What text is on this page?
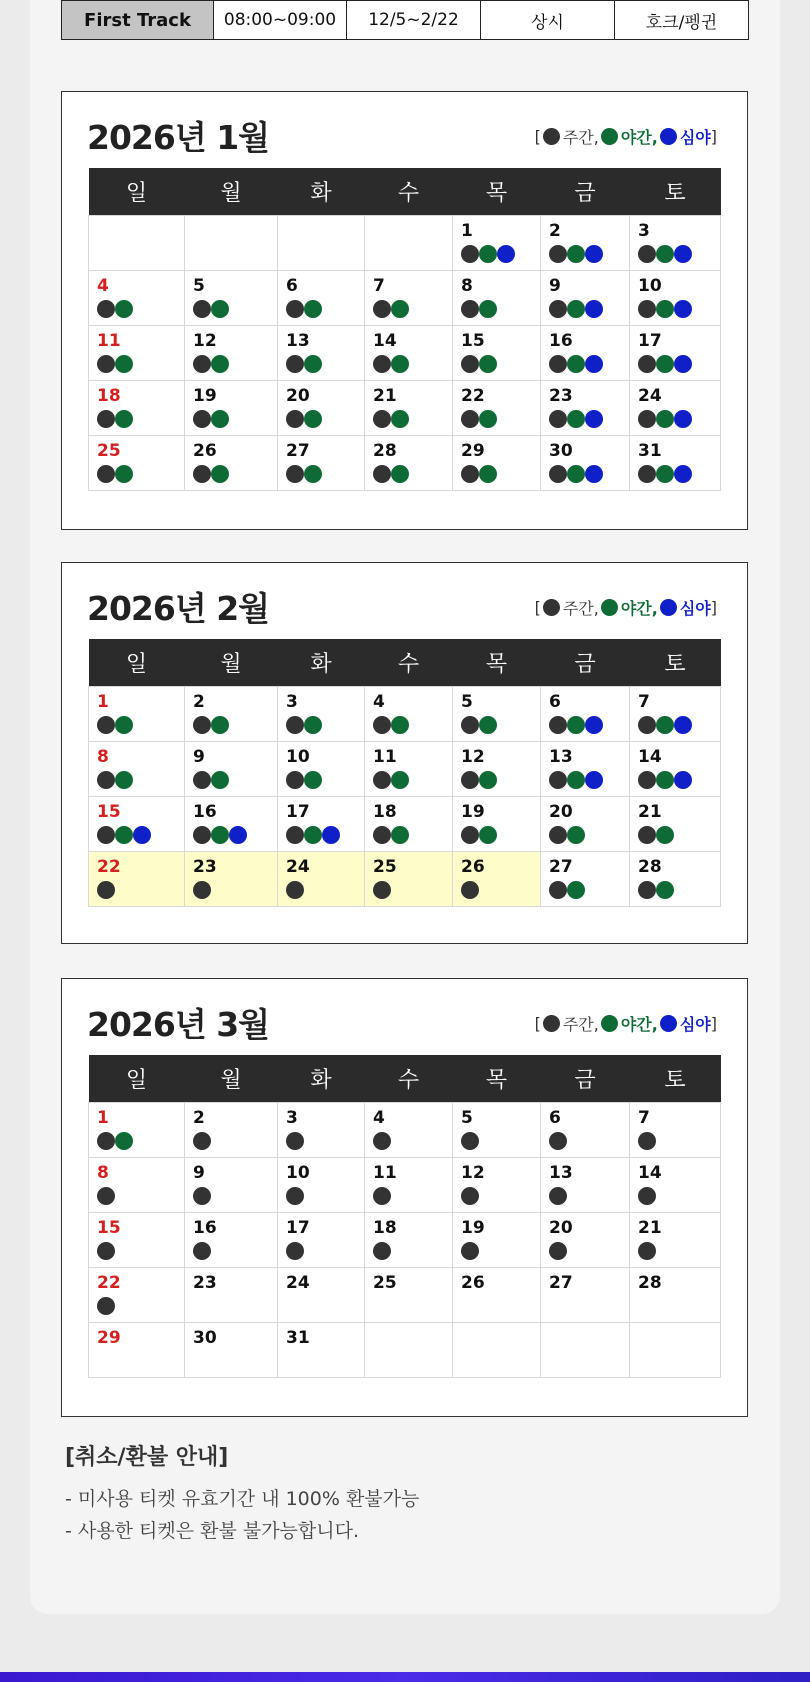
First Track	08:00~09:00	12/5~2/22	상시	호크/펭귄
2026년 1월	[ 주간, 야간, 심야 ]
일	월	화	수	목	금	토

				1	2	3

4	5	6	7	8	9	10

11	12	13	14	15	16	17

18	19	20	21	22	23	24

25	26	27	28	29	30	31
2026년 2월	[ 주간, 야간, 심야 ]
일	월	화	수	목	금	토

1	2	3	4	5	6	7

8	9	10	11	12	13	14

15	16	17	18	19	20	21

22	23	24	25	26	27	28
2026년 3월	[ 주간, 야간, 심야 ]
일	월	화	수	목	금	토

1	2	3	4	5	6	7

8	9	10	11	12	13	14

15	16	17	18	19	20	21

22	23	24	25	26	27	28

29	30	31				

[취소/환불 안내]

- 미사용 티켓 유효기간 내 100% 환불가능

- 사용한 티켓은 환불 불가능합니다.
